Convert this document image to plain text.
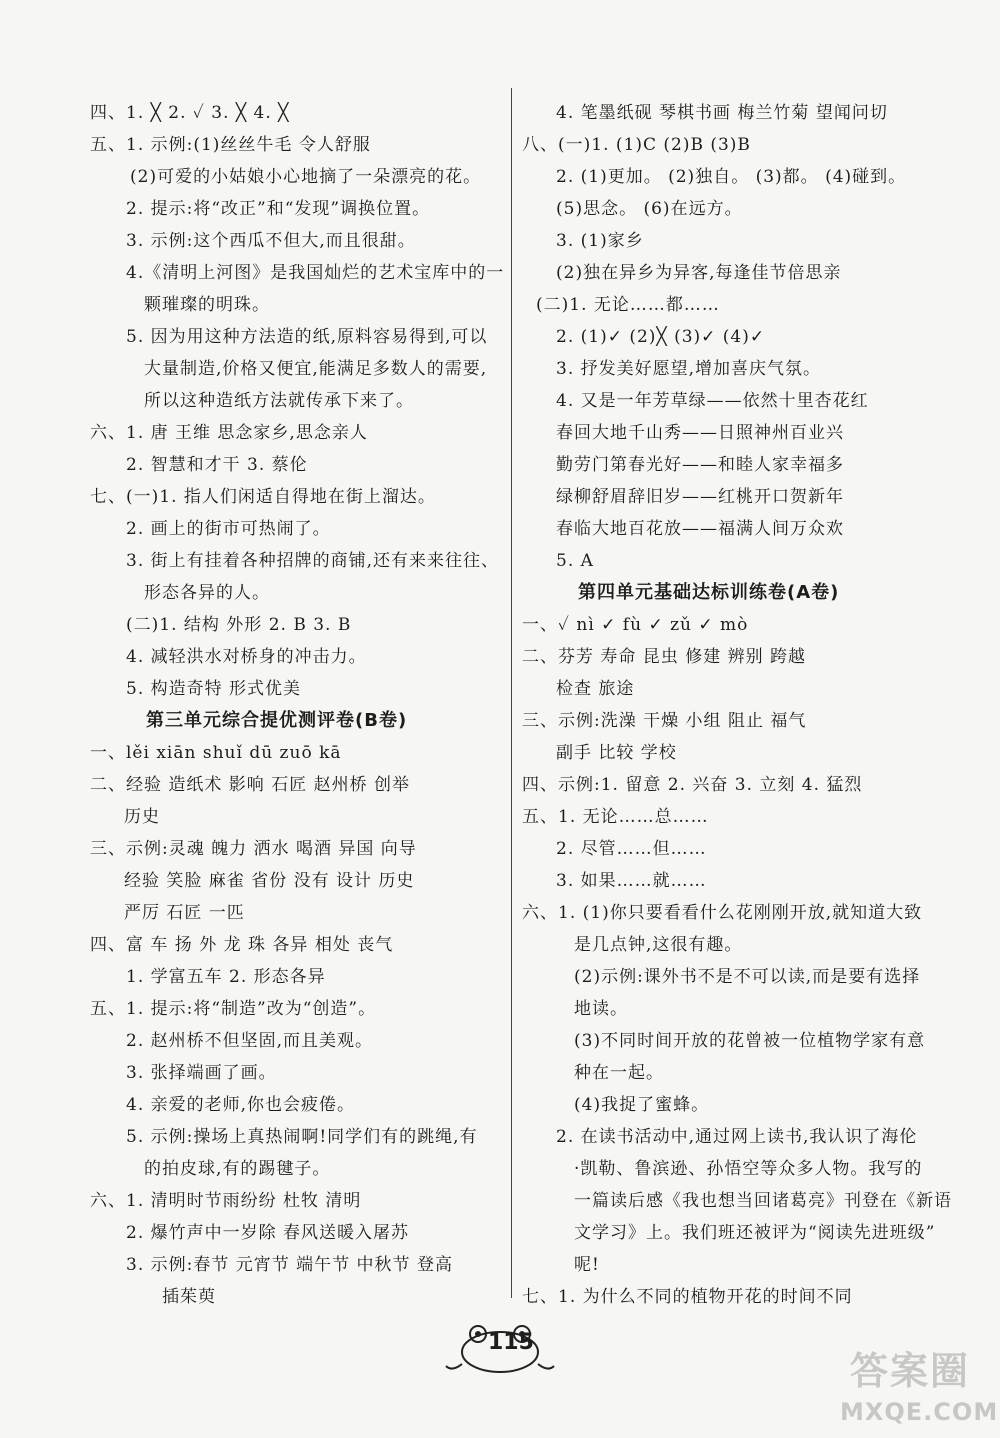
四、1. ╳ 2. ✓ 3. ╳ 4. ╳
五、1. 示例:(1)丝丝牛毛 令人舒服
(2)可爱的小姑娘小心地摘了一朵漂亮的花。
2. 提示:将“改正”和“发现”调换位置。
3. 示例:这个西瓜不但大,而且很甜。
4.《清明上河图》是我国灿烂的艺术宝库中的一
颗璀璨的明珠。
5. 因为用这种方法造的纸,原料容易得到,可以
大量制造,价格又便宜,能满足多数人的需要,
所以这种造纸方法就传承下来了。
六、1. 唐 王维 思念家乡,思念亲人
2. 智慧和才干 3. 蔡伦
七、(一)1. 指人们闲适自得地在街上溜达。
2. 画上的街市可热闹了。
3. 街上有挂着各种招牌的商铺,还有来来往往、
形态各异的人。
(二)1. 结构 外形 2. B 3. B
4. 减轻洪水对桥身的冲击力。
5. 构造奇特 形式优美
第三单元综合提优测评卷(B卷)
一、lěi xiān shuǐ dū zuō kā
二、经验 造纸术 影响 石匠 赵州桥 创举
历史
三、示例:灵魂 魄力 洒水 喝酒 异国 向导
经验 笑脸 麻雀 省份 没有 设计 历史
严厉 石匠 一匹
四、富 车 扬 外 龙 珠 各异 相处 丧气
1. 学富五车 2. 形态各异
五、1. 提示:将“制造”改为“创造”。
2. 赵州桥不但坚固,而且美观。
3. 张择端画了画。
4. 亲爱的老师,你也会疲倦。
5. 示例:操场上真热闹啊!同学们有的跳绳,有
的拍皮球,有的踢毽子。
六、1. 清明时节雨纷纷 杜牧 清明
2. 爆竹声中一岁除 春风送暖入屠苏
3. 示例:春节 元宵节 端午节 中秋节 登高
插茱萸
4. 笔墨纸砚 琴棋书画 梅兰竹菊 望闻问切
八、(一)1. (1)C (2)B (3)B
2. (1)更加。 (2)独自。 (3)都。 (4)碰到。
(5)思念。 (6)在远方。
3. (1)家乡
(2)独在异乡为异客,每逢佳节倍思亲
(二)1. 无论……都……
2. (1)✓ (2)╳ (3)✓ (4)✓
3. 抒发美好愿望,增加喜庆气氛。
4. 又是一年芳草绿——依然十里杏花红
春回大地千山秀——日照神州百业兴
勤劳门第春光好——和睦人家幸福多
绿柳舒眉辞旧岁——红桃开口贺新年
春临大地百花放——福满人间万众欢
5. A
第四单元基础达标训练卷(A卷)
一、✓ nì ✓ fù ✓ zǔ ✓ mò
二、芬芳 寿命 昆虫 修建 辨别 跨越
检查 旅途
三、示例:洗澡 干燥 小组 阻止 福气
副手 比较 学校
四、示例:1. 留意 2. 兴奋 3. 立刻 4. 猛烈
五、1. 无论……总……
2. 尽管……但……
3. 如果……就……
六、1. (1)你只要看看什么花刚刚开放,就知道大致
是几点钟,这很有趣。
(2)示例:课外书不是不可以读,而是要有选择
地读。
(3)不同时间开放的花曾被一位植物学家有意
种在一起。
(4)我捉了蜜蜂。
2. 在读书活动中,通过网上读书,我认识了海伦
·凯勒、鲁滨逊、孙悟空等众多人物。我写的
一篇读后感《我也想当回诸葛亮》刊登在《新语
文学习》上。我们班还被评为“阅读先进班级”
呢!
七、1. 为什么不同的植物开花的时间不同
115
答案圈
MXQE.COM
